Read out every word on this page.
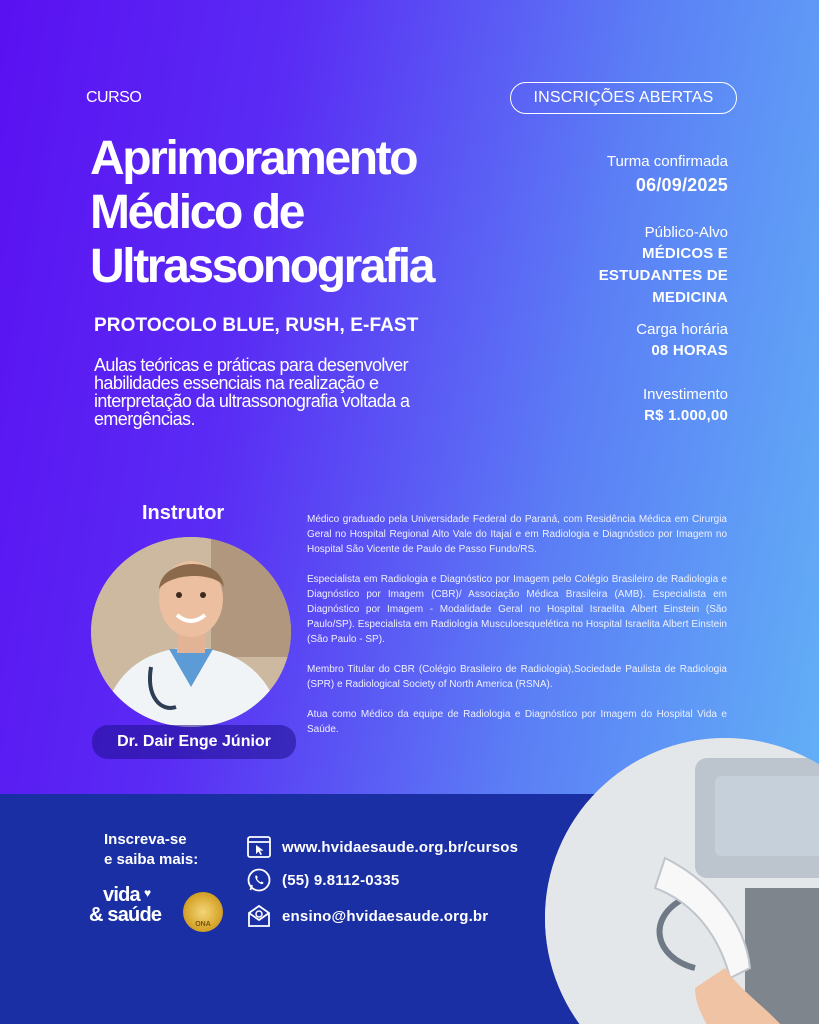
CURSO	INSCRIÇÕES ABERTAS
Aprimoramento
Médico de
Ultrassonografia
PROTOCOLO BLUE, RUSH, E-FAST
Aulas teóricas e práticas para desenvolver habilidades essenciais na realização e interpretação da ultrassonografia voltada a emergências.
Turma confirmada
06/09/2025
Público-Alvo
MÉDICOS E
ESTUDANTES DE
MEDICINA
Carga horária
08 HORAS
Investimento
R$ 1.000,00
Instrutor
Dr. Dair Enge Júnior

Médico graduado pela Universidade Federal do Paraná, com Residência Médica em Cirurgia Geral no Hospital Regional Alto Vale do Itajaí e em Radiologia e Diagnóstico por Imagem no Hospital São Vicente de Paulo de Passo Fundo/RS.

Especialista em Radiologia e Diagnóstico por Imagem pelo Colégio Brasileiro de Radiologia e Diagnóstico por Imagem (CBR)/ Associação Médica Brasileira (AMB). Especialista em Diagnóstico por Imagem - Modalidade Geral no Hospital Israelita Albert Einstein (São Paulo/SP). Especialista em Radiologia Musculoesquelética no Hospital Israelita Albert Einstein (São Paulo - SP).

Membro Titular do CBR (Colégio Brasileiro de Radiologia),Sociedade Paulista de Radiologia (SPR) e Radiological Society of North America (RSNA).

Atua como Médico da equipe de Radiologia e Diagnóstico por Imagem do Hospital Vida e Saúde.

Inscreva-se
e saiba mais:
vida
& saúde
♥
ONA
www.hvidaesaude.org.br/cursos
(55) 9.8112-0335
ensino@hvidaesaude.org.br
